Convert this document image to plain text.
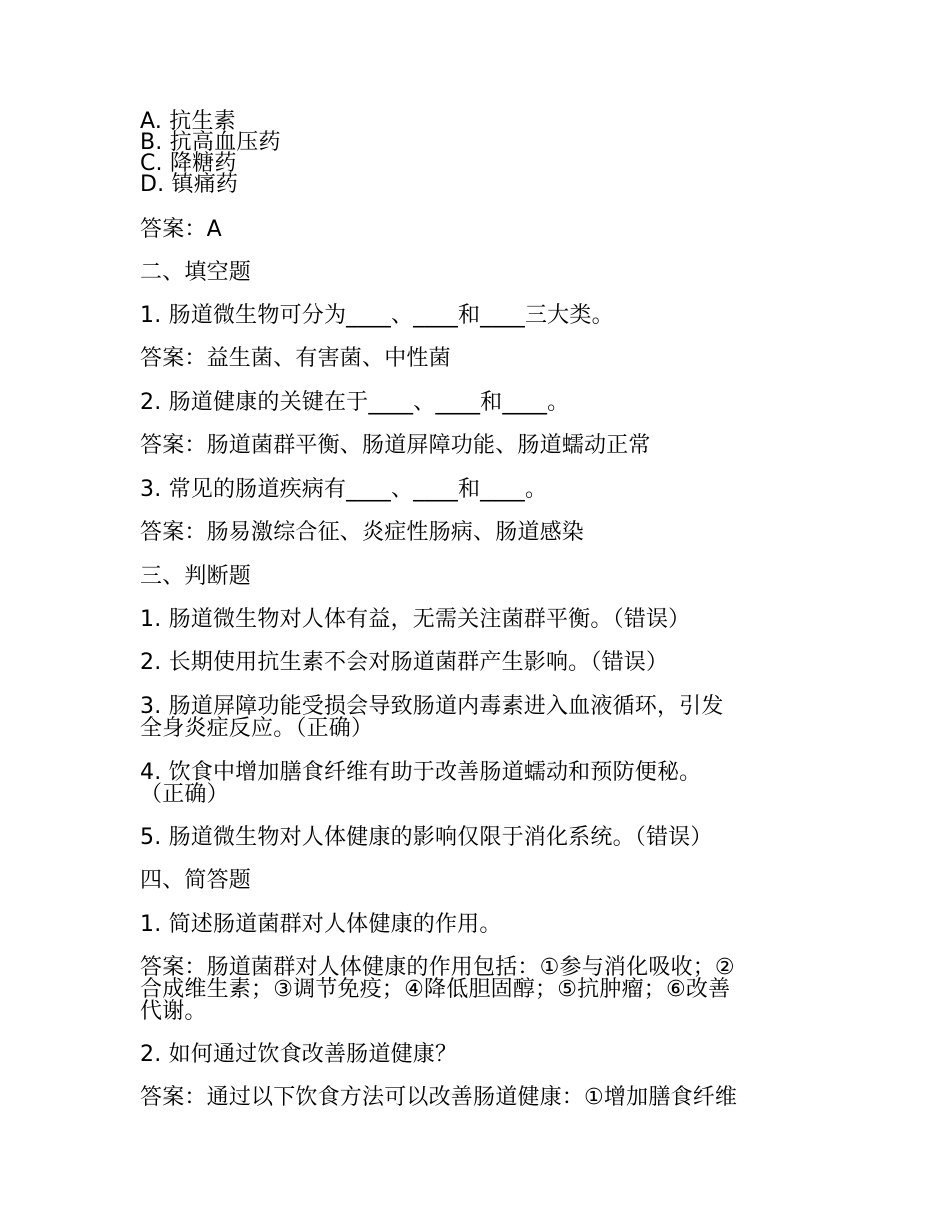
A. 抗生素
B. 抗高血压药
C. 降糖药
D. 镇痛药
答案：A
二、填空题
1. 肠道微生物可分为____、____和____三大类。
答案：益生菌、有害菌、中性菌
2. 肠道健康的关键在于____、____和____。
答案：肠道菌群平衡、肠道屏障功能、肠道蠕动正常
3. 常见的肠道疾病有____、____和____。
答案：肠易激综合征、炎症性肠病、肠道感染
三、判断题
1. 肠道微生物对人体有益，无需关注菌群平衡。（错误）
2. 长期使用抗生素不会对肠道菌群产生影响。（错误）
3. 肠道屏障功能受损会导致肠道内毒素进入血液循环，引发
全身炎症反应。（正确）
4. 饮食中增加膳食纤维有助于改善肠道蠕动和预防便秘。
（正确）
5. 肠道微生物对人体健康的影响仅限于消化系统。（错误）
四、简答题
1. 简述肠道菌群对人体健康的作用。
答案：肠道菌群对人体健康的作用包括：①参与消化吸收；②
合成维生素；③调节免疫；④降低胆固醇；⑤抗肿瘤；⑥改善
代谢。
2. 如何通过饮食改善肠道健康？
答案：通过以下饮食方法可以改善肠道健康：①增加膳食纤维
